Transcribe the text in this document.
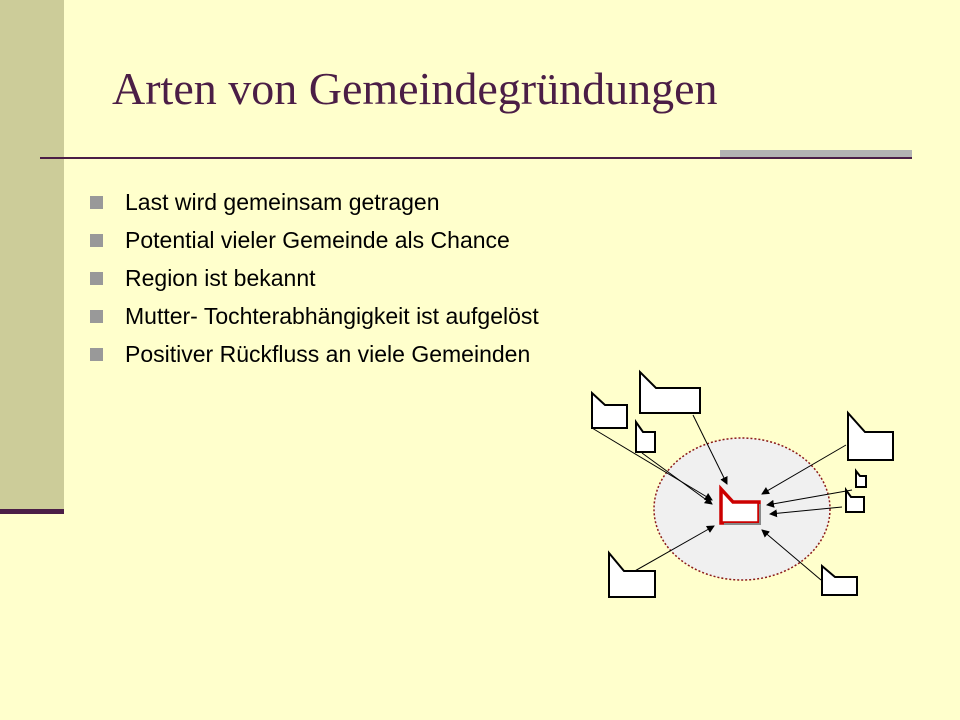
Arten von Gemeindegründungen
Last wird gemeinsam getragen
Potential vieler Gemeinde als Chance
Region ist bekannt
Mutter- Tochterabhängigkeit ist aufgelöst
Positiver Rückfluss an viele Gemeinden
